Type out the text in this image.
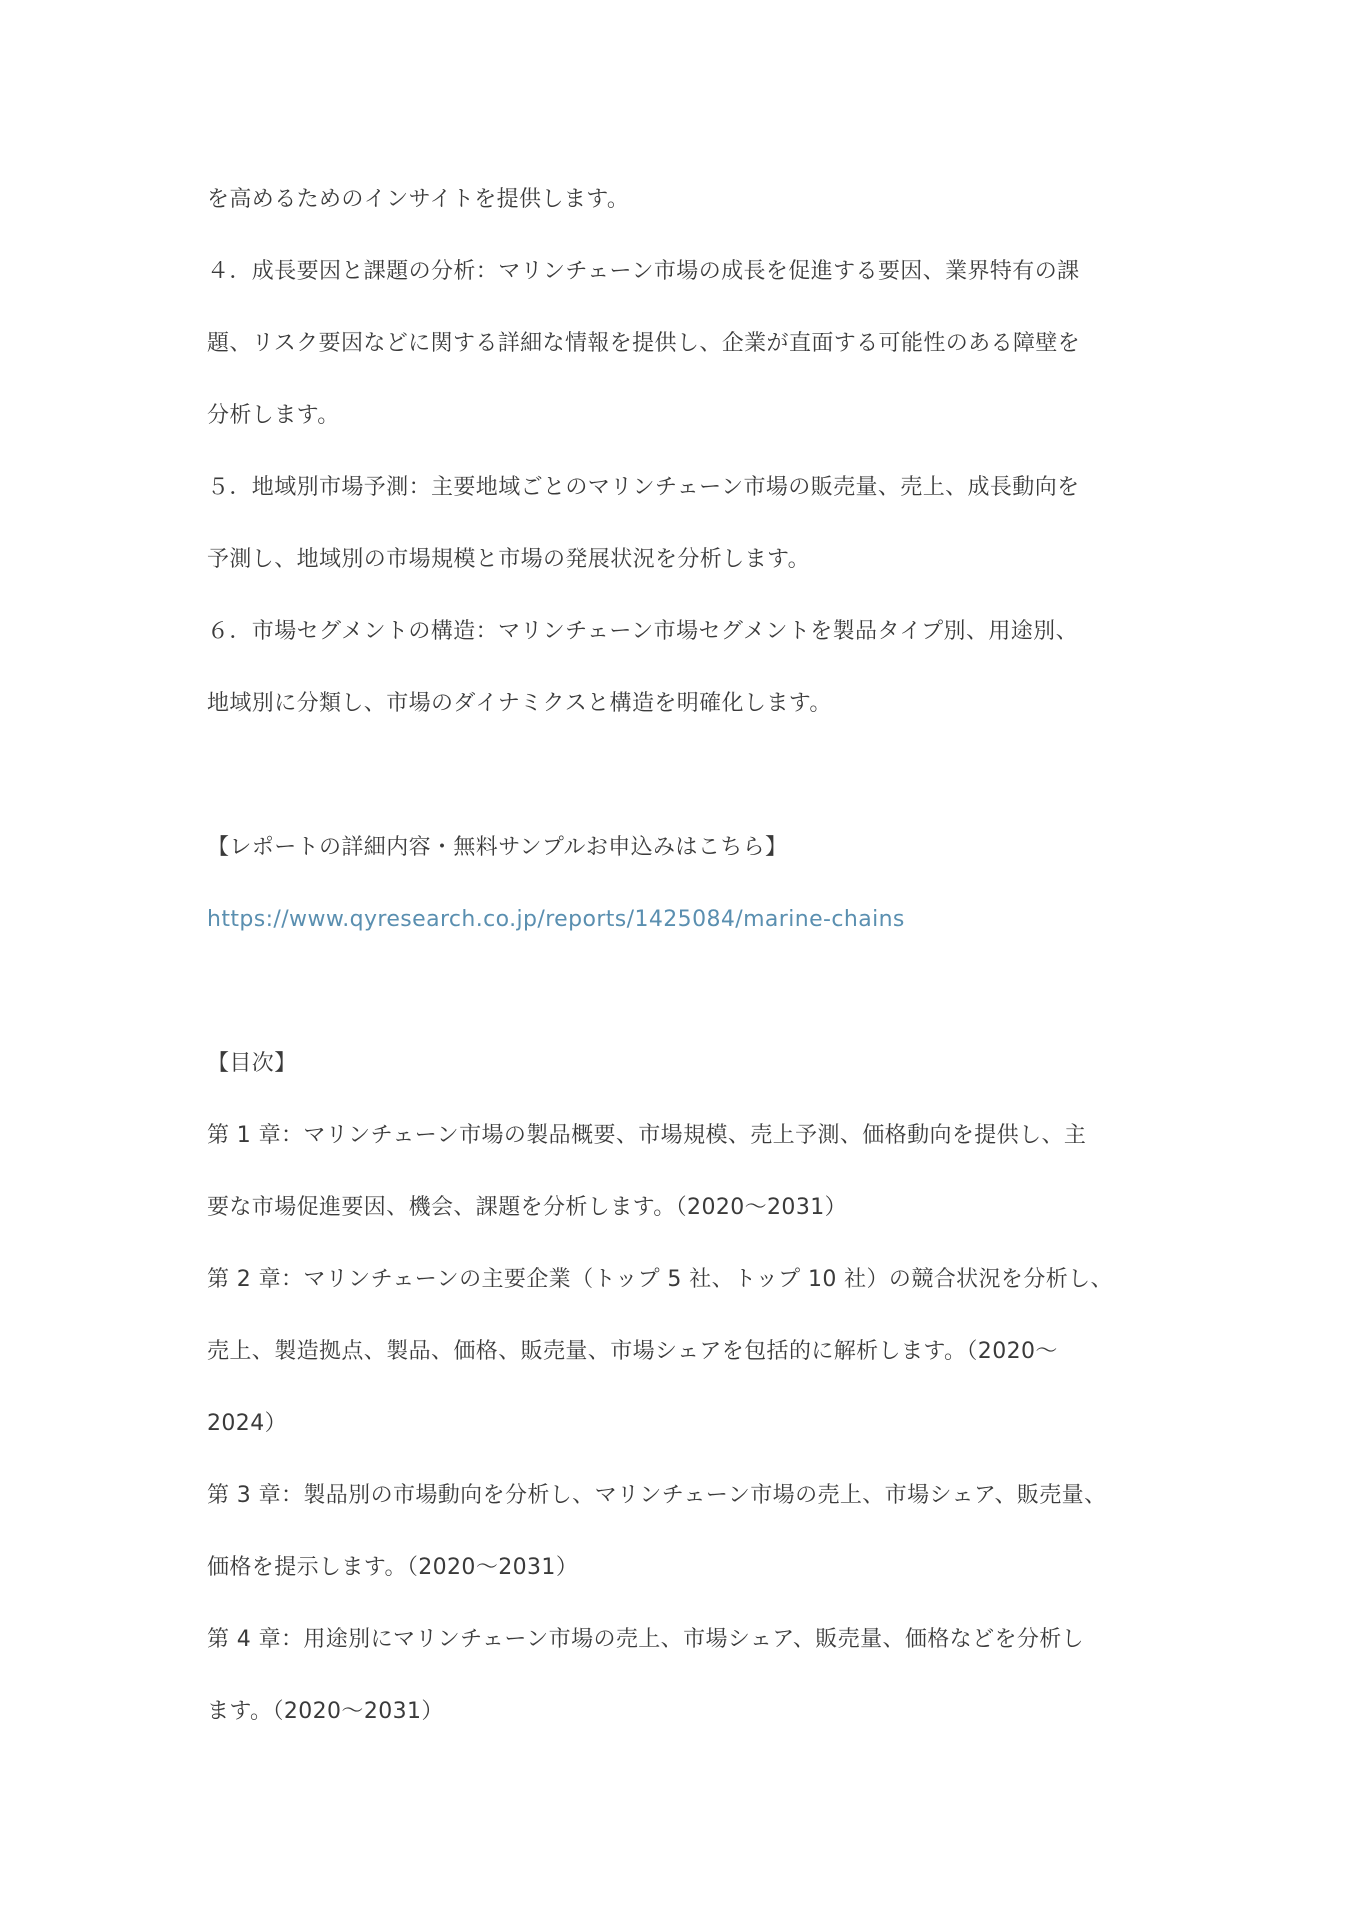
を高めるためのインサイトを提供します。
４．成長要因と課題の分析：マリンチェーン市場の成長を促進する要因、業界特有の課
題、リスク要因などに関する詳細な情報を提供し、企業が直面する可能性のある障壁を
分析します。
５．地域別市場予測：主要地域ごとのマリンチェーン市場の販売量、売上、成長動向を
予測し、地域別の市場規模と市場の発展状況を分析します。
６．市場セグメントの構造：マリンチェーン市場セグメントを製品タイプ別、用途別、
地域別に分類し、市場のダイナミクスと構造を明確化します。
【レポートの詳細内容・無料サンプルお申込みはこちら】
https://www.qyresearch.co.jp/reports/1425084/marine-chains
【目次】
第 1 章：マリンチェーン市場の製品概要、市場規模、売上予測、価格動向を提供し、主
要な市場促進要因、機会、課題を分析します。（2020～2031）
第 2 章：マリンチェーンの主要企業（トップ 5 社、トップ 10 社）の競合状況を分析し、
売上、製造拠点、製品、価格、販売量、市場シェアを包括的に解析します。（2020～
2024）
第 3 章：製品別の市場動向を分析し、マリンチェーン市場の売上、市場シェア、販売量、
価格を提示します。（2020～2031）
第 4 章：用途別にマリンチェーン市場の売上、市場シェア、販売量、価格などを分析し
ます。（2020～2031）
